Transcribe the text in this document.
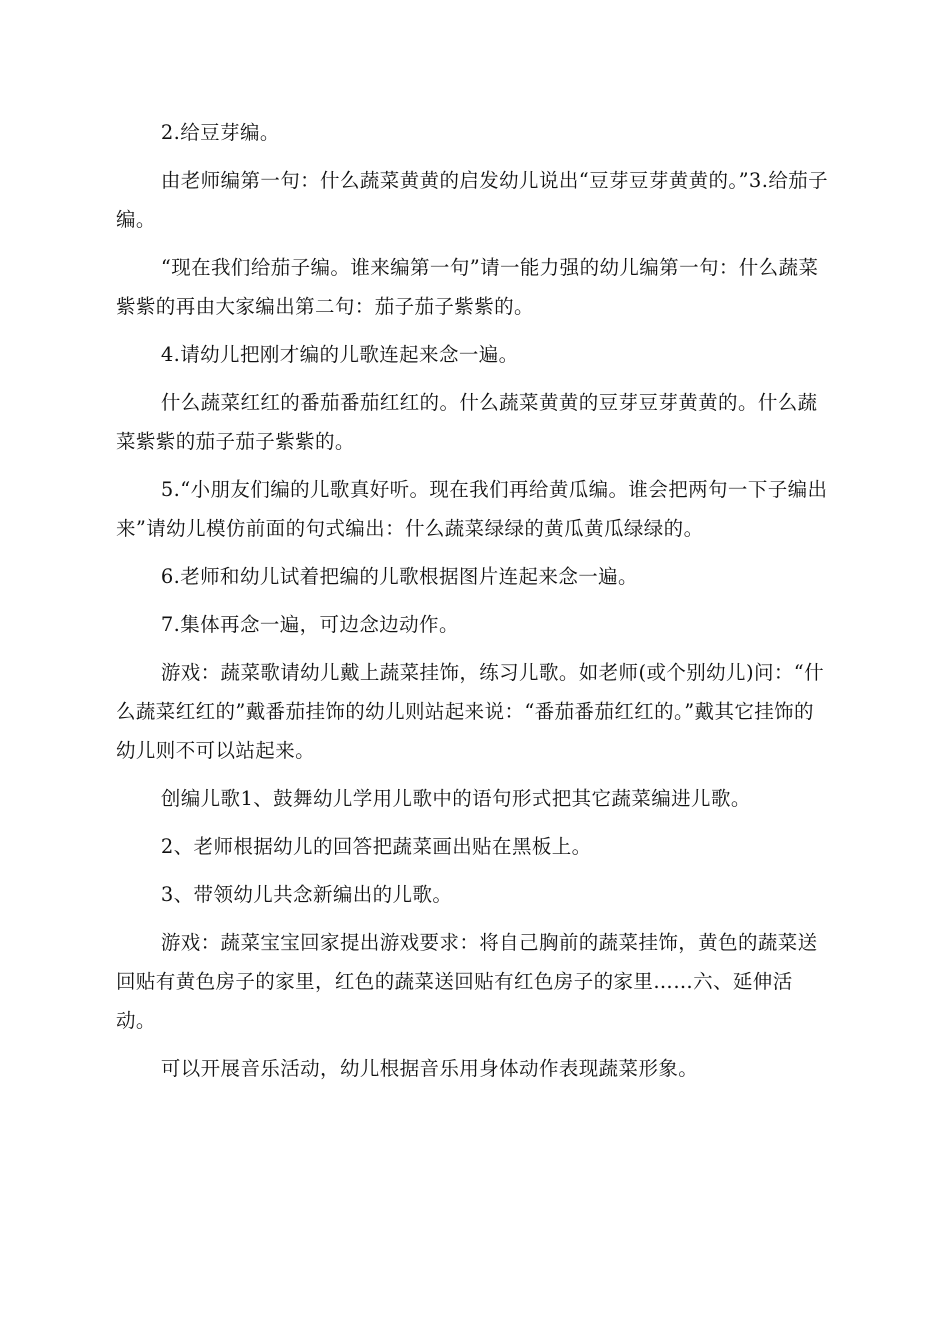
2.给豆芽编。

由老师编第一句：什么蔬菜黄黄的启发幼儿说出“豆芽豆芽黄黄的。”3.给茄子编。

“现在我们给茄子编。谁来编第一句”请一能力强的幼儿编第一句：什么蔬菜紫紫的再由大家编出第二句：茄子茄子紫紫的。

4.请幼儿把刚才编的儿歌连起来念一遍。

什么蔬菜红红的番茄番茄红红的。什么蔬菜黄黄的豆芽豆芽黄黄的。什么蔬菜紫紫的茄子茄子紫紫的。

5.“小朋友们编的儿歌真好听。现在我们再给黄瓜编。谁会把两句一下子编出来”请幼儿模仿前面的句式编出：什么蔬菜绿绿的黄瓜黄瓜绿绿的。

6.老师和幼儿试着把编的儿歌根据图片连起来念一遍。

7.集体再念一遍，可边念边动作。

游戏：蔬菜歌请幼儿戴上蔬菜挂饰，练习儿歌。如老师(或个别幼儿)问：“什么蔬菜红红的”戴番茄挂饰的幼儿则站起来说：“番茄番茄红红的。”戴其它挂饰的幼儿则不可以站起来。

创编儿歌1、鼓舞幼儿学用儿歌中的语句形式把其它蔬菜编进儿歌。

2、老师根据幼儿的回答把蔬菜画出贴在黑板上。

3、带领幼儿共念新编出的儿歌。

游戏：蔬菜宝宝回家提出游戏要求：将自己胸前的蔬菜挂饰，黄色的蔬菜送回贴有黄色房子的家里，红色的蔬菜送回贴有红色房子的家里……六、延伸活动。

可以开展音乐活动，幼儿根据音乐用身体动作表现蔬菜形象。
